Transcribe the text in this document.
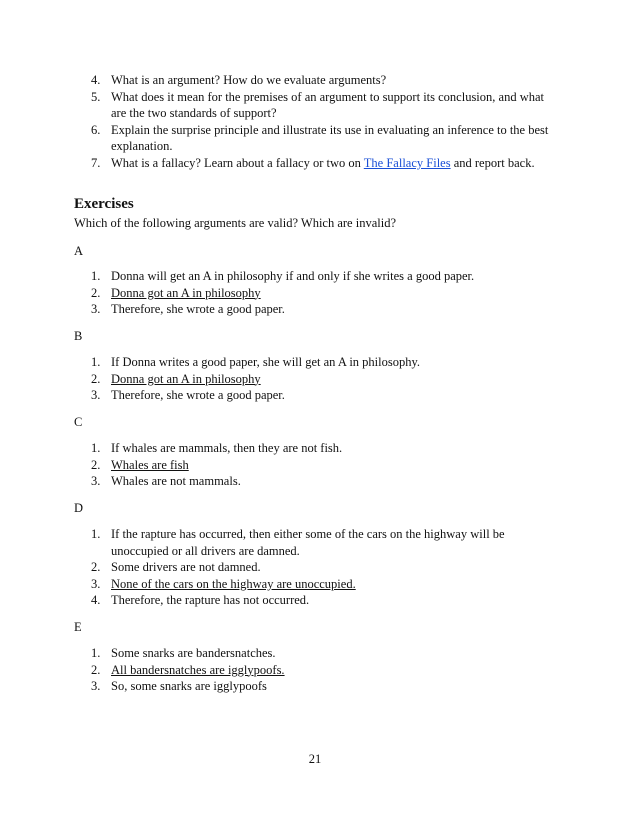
4. What is an argument? How do we evaluate arguments?
5. What does it mean for the premises of an argument to support its conclusion, and what are the two standards of support?
6. Explain the surprise principle and illustrate its use in evaluating an inference to the best explanation.
7. What is a fallacy? Learn about a fallacy or two on The Fallacy Files and report back.
Exercises
Which of the following arguments are valid? Which are invalid?
A
1. Donna will get an A in philosophy if and only if she writes a good paper.
2. Donna got an A in philosophy
3. Therefore, she wrote a good paper.
B
1. If Donna writes a good paper, she will get an A in philosophy.
2. Donna got an A in philosophy
3. Therefore, she wrote a good paper.
C
1. If whales are mammals, then they are not fish.
2. Whales are fish
3. Whales are not mammals.
D
1. If the rapture has occurred, then either some of the cars on the highway will be unoccupied or all drivers are damned.
2. Some drivers are not damned.
3. None of the cars on the highway are unoccupied.
4. Therefore, the rapture has not occurred.
E
1. Some snarks are bandersnatches.
2. All bandersnatches are igglypoofs.
3. So, some snarks are igglypoofs
21
